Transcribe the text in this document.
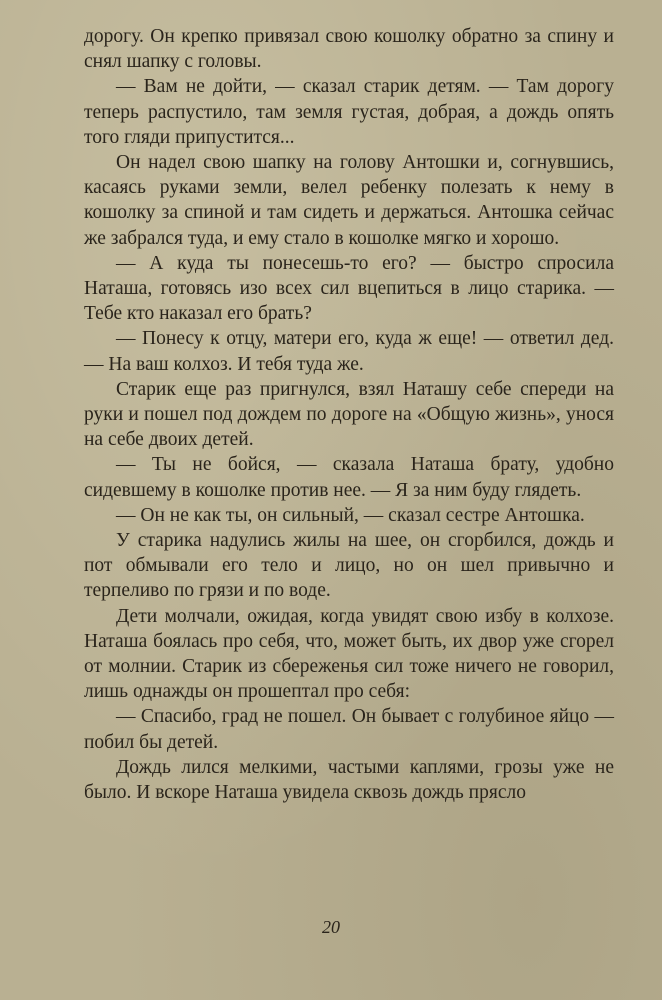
дорогу. Он крепко привязал свою кошолку обратно за спину и снял шапку с головы.

— Вам не дойти, — сказал старик детям. — Там дорогу теперь распустило, там земля густая, добрая, а дождь опять того гляди припустится...

Он надел свою шапку на голову Антошки и, согнувшись, касаясь руками земли, велел ребенку полезать к нему в кошолку за спиной и там сидеть и держаться. Антошка сейчас же забрался туда, и ему стало в кошолке мягко и хорошо.

— А куда ты понесешь-то его? — быстро спросила Наташа, готовясь изо всех сил вцепиться в лицо старика. — Тебе кто наказал его брать?

— Понесу к отцу, матери его, куда ж еще! — ответил дед. — На ваш колхоз. И тебя туда же.

Старик еще раз пригнулся, взял Наташу себе спереди на руки и пошел под дождем по дороге на «Общую жизнь», унося на себе двоих детей.

— Ты не бойся, — сказала Наташа брату, удобно сидевшему в кошолке против нее. — Я за ним буду глядеть.

— Он не как ты, он сильный, — сказал сестре Антошка.

У старика надулись жилы на шее, он сгорбился, дождь и пот обмывали его тело и лицо, но он шел привычно и терпеливо по грязи и по воде.

Дети молчали, ожидая, когда увидят свою избу в колхозе. Наташа боялась про себя, что, может быть, их двор уже сгорел от молнии. Старик из сбереженья сил тоже ничего не говорил, лишь однажды он прошептал про себя:

— Спасибо, град не пошел. Он бывает с голубиное яйцо — побил бы детей.

Дождь лился мелкими, частыми каплями, грозы уже не было. И вскоре Наташа увидела сквозь дождь прясло

20
